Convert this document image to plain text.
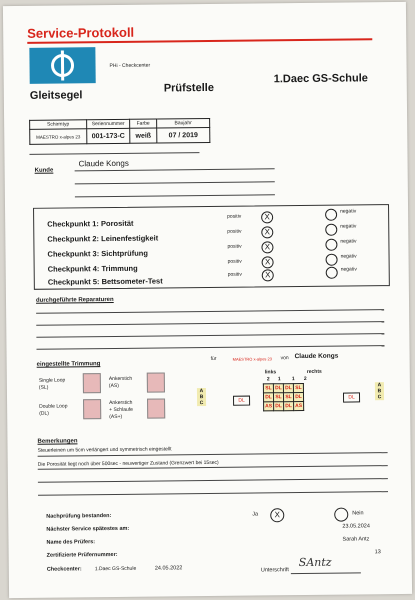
Service-Protokoll
PHi - Checkcenter
Gleitsegel
Prüfstelle
1.Daec GS-Schule
Schirmtyp	Seriennummer	Farbe	Baujahr
MAESTRO x-alpes 23	001-173-C	weiß	07 / 2019
Kunde
Claude Kongs
Checkpunkt 1: Porosität
positiv	X
negativ
Checkpunkt 2: Leinenfestigkeit
positiv	X
negativ
Checkpunkt 3: Sichtprüfung
positiv	X
negativ
Checkpunkt 4: Trimmung
positiv	X
negativ
Checkpunkt 5: Bettsometer-Test
positiv	X
negativ
durchgeführte Reparaturen
eingestellte Trimmung
für	MAESTRO x-alpes 23 von Claude Kongs
Single Loop
(SL)
Ankerstich
(AS)
Double Loop
(DL)
Ankerstich
+ Schlaufe
(AS+)
A
B
C	DL
links	rechts
2 1 1 2
SL	DL	DL	SL
DL	SL	SL	DL
AS	DL	DL	AS
DL
A
B
C
Bemerkungen
Steuerleinen um 5cm verlängert und symmetrisch eingestellt
Die Porosität liegt noch über 500sec - neuwertiger Zustand (Grenzwert bei 15sec)
Nachprüfung bestanden:	Ja	X	Nein
Nächster Service spätestes am:	23.05.2024
Name des Prüfers:	Sarah Antz
Zertifizierte Prüfernummer:	13
Checkcenter:	1.Daec GS-Schule	24.05.2022	Unterschrift
SAntz
